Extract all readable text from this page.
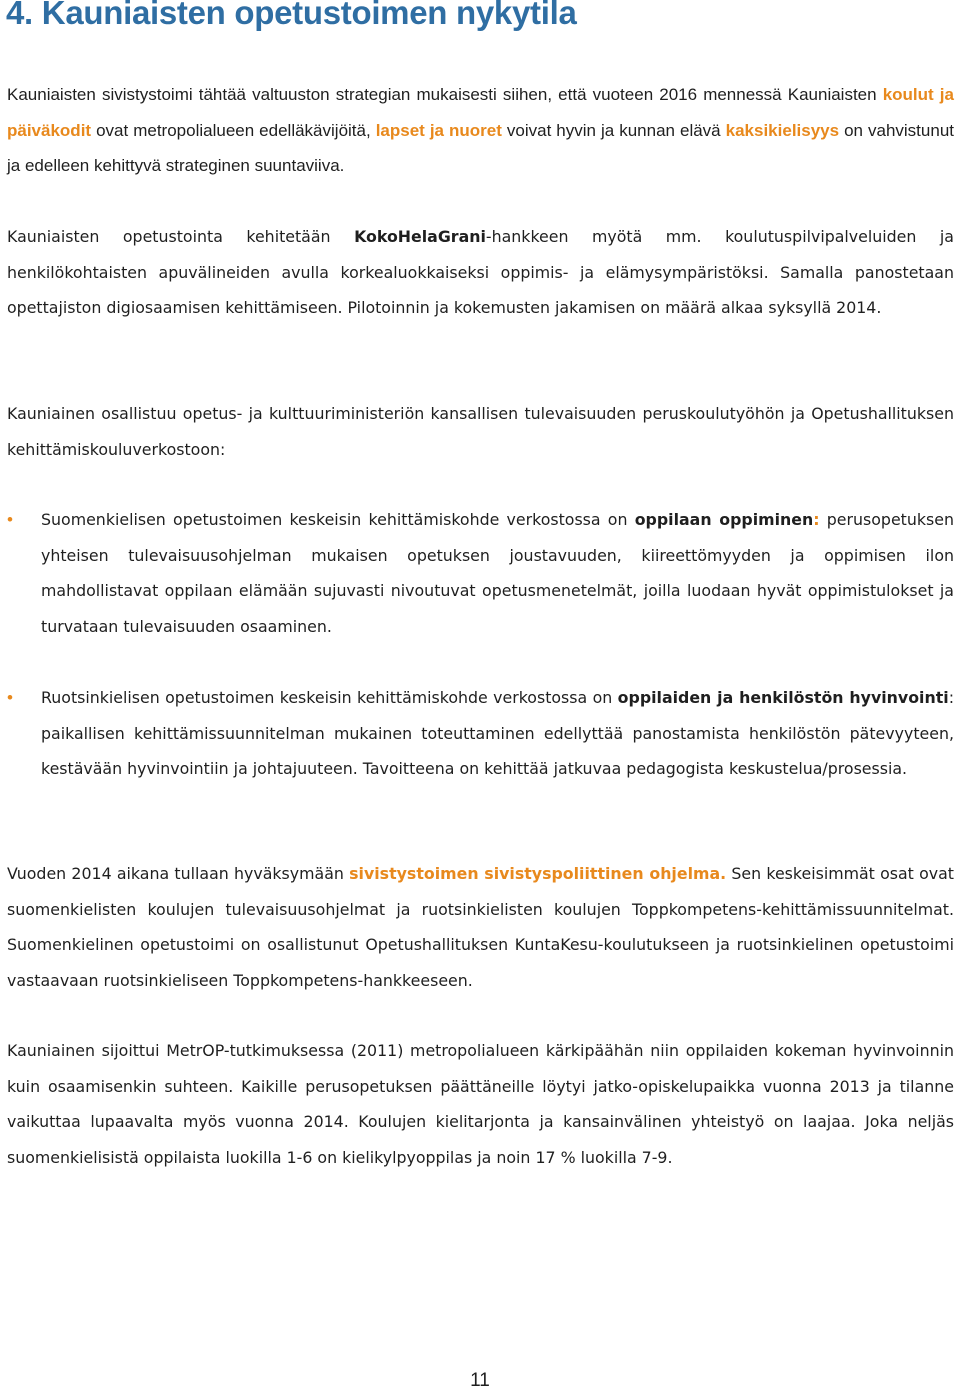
4. Kauniaisten opetustoimen nykytila

Kauniaisten sivistystoimi tähtää valtuuston strategian mukaisesti siihen, että vuoteen 2016 mennessä Kauniaisten koulut ja päiväkodit ovat metropolialueen edelläkävijöitä, lapset ja nuoret voivat hyvin ja kunnan elävä kaksikielisyys on vahvistunut ja edelleen kehittyvä strateginen suuntaviiva.

Kauniaisten opetustointa kehitetään KokoHelaGrani-hankkeen myötä mm. koulutuspilvipalveluiden ja henkilökohtaisten apuvälineiden avulla korkealuokkaiseksi oppimis- ja elämysympäristöksi. Samalla panostetaan opettajiston digiosaamisen kehittämiseen. Pilotoinnin ja kokemusten jakamisen on määrä alkaa syksyllä 2014.

Kauniainen osallistuu opetus- ja kulttuuriministeriön kansallisen tulevaisuuden peruskoulutyöhön ja Opetushallituksen kehittämiskouluverkostoon:

• Suomenkielisen opetustoimen keskeisin kehittämiskohde verkostossa on oppilaan oppiminen: perusopetuksen yhteisen tulevaisuusohjelman mukaisen opetuksen joustavuuden, kiireettömyyden ja oppimisen ilon mahdollistavat oppilaan elämään sujuvasti nivoutuvat opetusmenetelmät, joilla luodaan hyvät oppimistulokset ja turvataan tulevaisuuden osaaminen.

• Ruotsinkielisen opetustoimen keskeisin kehittämiskohde verkostossa on oppilaiden ja henkilöstön hyvinvointi: paikallisen kehittämissuunnitelman mukainen toteuttaminen edellyttää panostamista henkilöstön pätevyyteen, kestävään hyvinvointiin ja johtajuuteen. Tavoitteena on kehittää jatkuvaa pedagogista keskustelua/prosessia.

Vuoden 2014 aikana tullaan hyväksymään sivistystoimen sivistyspoliittinen ohjelma. Sen keskeisimmät osat ovat suomenkielisten koulujen tulevaisuusohjelmat ja ruotsinkielisten koulujen Toppkompetens-kehittämissuunnitelmat. Suomenkielinen opetustoimi on osallistunut Opetushallituksen KuntaKesu-koulutukseen ja ruotsinkielinen opetustoimi vastaavaan ruotsinkieliseen Toppkompetens-hankkeeseen.

Kauniainen sijoittui MetrOP-tutkimuksessa (2011) metropolialueen kärkipäähän niin oppilaiden kokeman hyvinvoinnin kuin osaamisenkin suhteen. Kaikille perusopetuksen päättäneille löytyi jatko-opiskelupaikka vuonna 2013 ja tilanne vaikuttaa lupaavalta myös vuonna 2014. Koulujen kielitarjonta ja kansainvälinen yhteistyö on laajaa. Joka neljäs suomenkielisistä oppilaista luokilla 1-6 on kielikylpyoppilas ja noin 17 % luokilla 7-9.

11
